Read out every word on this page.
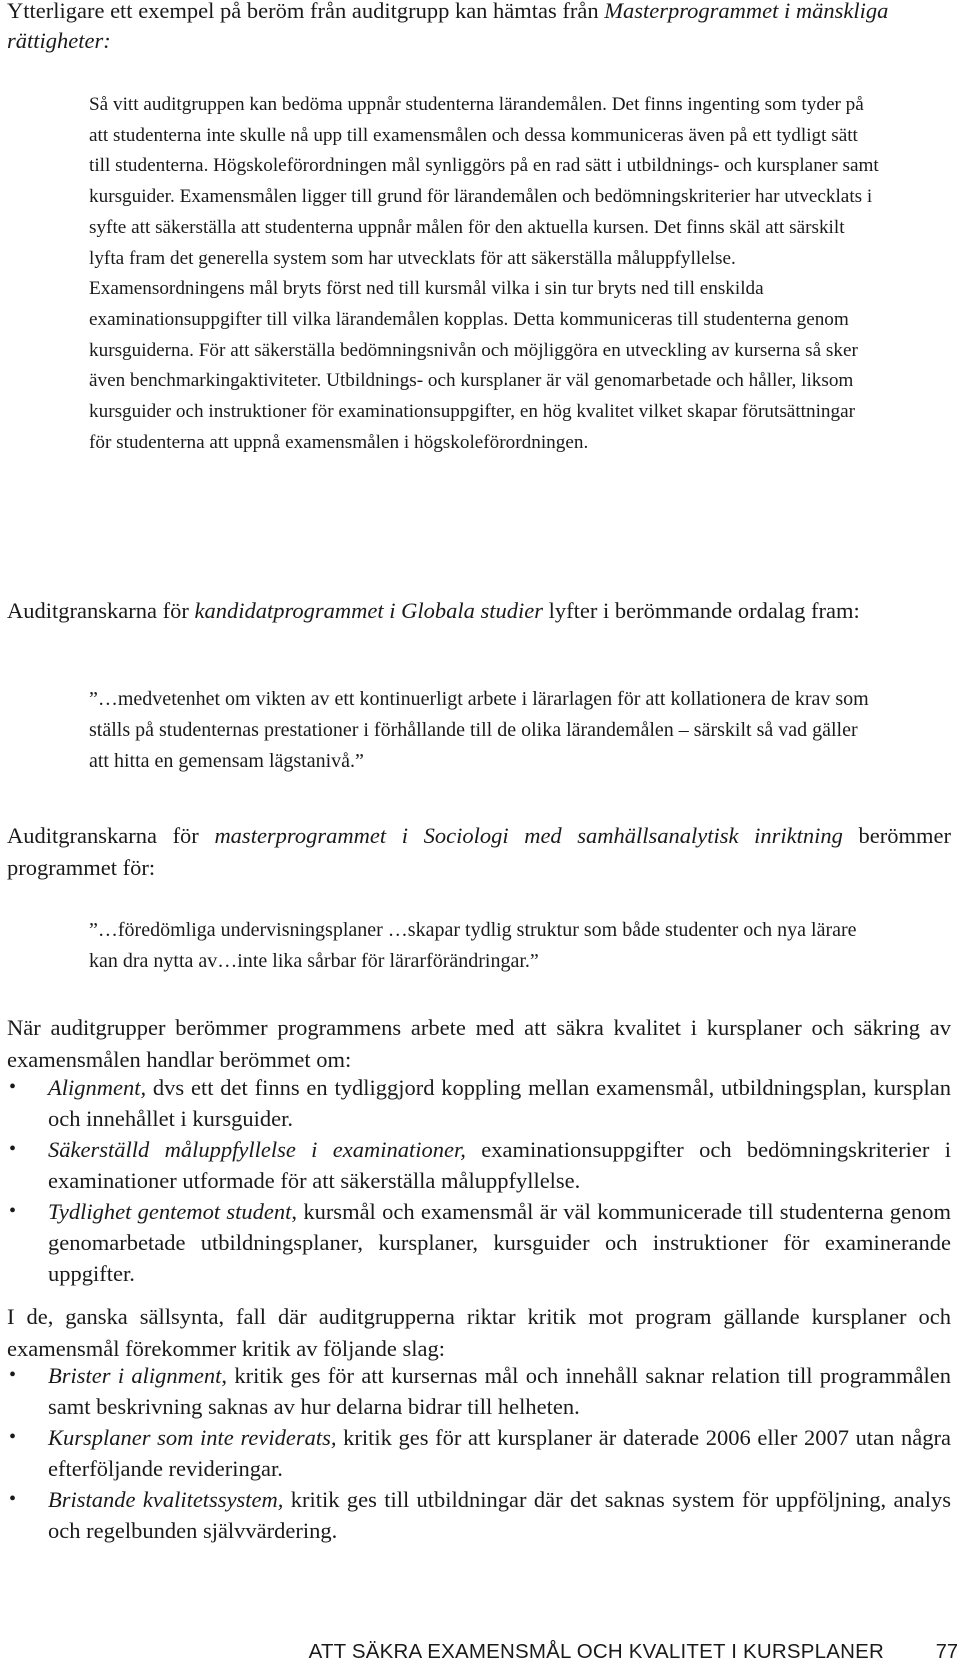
Ytterligare ett exempel på beröm från auditgrupp kan hämtas från Masterprogrammet i mänskliga rättigheter:

Så vitt auditgruppen kan bedöma uppnår studenterna lärandemålen. Det finns ingenting som tyder på att studenterna inte skulle nå upp till examensmålen och dessa kommuniceras även på ett tydligt sätt till studenterna. Högskoleförordningen mål synliggörs på en rad sätt i utbildnings- och kursplaner samt kursguider. Examensmålen ligger till grund för lärandemålen och bedömningskriterier har utvecklats i syfte att säkerställa att studenterna uppnår målen för den aktuella kursen. Det finns skäl att särskilt lyfta fram det generella system som har utvecklats för att säkerställa måluppfyllelse. Examensordningens mål bryts först ned till kursmål vilka i sin tur bryts ned till enskilda examinationsuppgifter till vilka lärandemålen kopplas. Detta kommuniceras till studenterna genom kursguiderna. För att säkerställa bedömningsnivån och möjliggöra en utveckling av kurserna så sker även benchmarkingaktiviteter. Utbildnings- och kursplaner är väl genomarbetade och håller, liksom kursguider och instruktioner för examinationsuppgifter, en hög kvalitet vilket skapar förutsättningar för studenterna att uppnå examensmålen i högskoleförordningen.

Auditgranskarna för kandidatprogrammet i Globala studier lyfter i berömmande ordalag fram:

”…medvetenhet om vikten av ett kontinuerligt arbete i lärarlagen för att kollationera de krav som ställs på studenternas prestationer i förhållande till de olika lärandemålen – särskilt så vad gäller att hitta en gemensam lägstanivå.”

Auditgranskarna för masterprogrammet i Sociologi med samhällsanalytisk inriktning berömmer programmet för:

”…föredömliga undervisningsplaner …skapar tydlig struktur som både studenter och nya lärare kan dra nytta av…inte lika sårbar för lärarförändringar.”

När auditgrupper berömmer programmens arbete med att säkra kvalitet i kursplaner och säkring av examensmålen handlar berömmet om:

• Alignment, dvs ett det finns en tydliggjord koppling mellan examensmål, utbildningsplan, kursplan och innehållet i kursguider.
• Säkerställd måluppfyllelse i examinationer, examinationsuppgifter och bedömningskriterier i examinationer utformade för att säkerställa måluppfyllelse.
• Tydlighet gentemot student, kursmål och examensmål är väl kommunicerade till studenterna genom genomarbetade utbildningsplaner, kursplaner, kursguider och instruktioner för examinerande uppgifter.

I de, ganska sällsynta, fall där auditgrupperna riktar kritik mot program gällande kursplaner och examensmål förekommer kritik av följande slag:

• Brister i alignment, kritik ges för att kursernas mål och innehåll saknar relation till programmålen samt beskrivning saknas av hur delarna bidrar till helheten.
• Kursplaner som inte reviderats, kritik ges för att kursplaner är daterade 2006 eller 2007 utan några efterföljande revideringar.
• Bristande kvalitetssystem, kritik ges till utbildningar där det saknas system för uppföljning, analys och regelbunden självvärdering.
ATT SÄKRA EXAMENSMÅL OCH KVALITET I KURSPLANER	77
